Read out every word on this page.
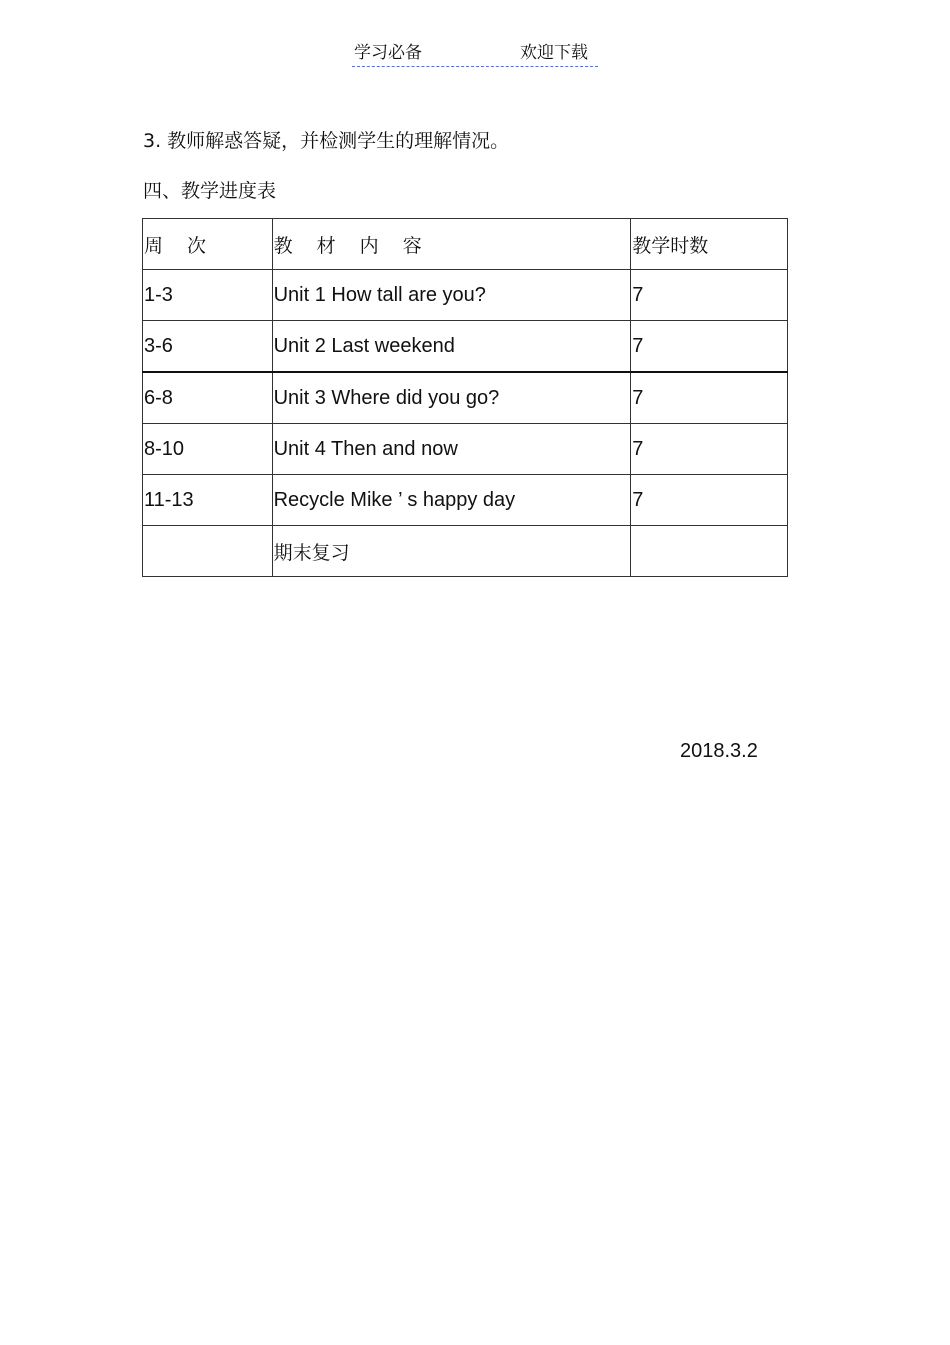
学习必备	欢迎下载
3. 教师解惑答疑，并检测学生的理解情况。
四、教学进度表
周 次	教 材 内 容	教学时数
1-3	Unit 1 How tall are you?	7
3-6	Unit 2 Last weekend	7
6-8	Unit 3 Where did you go?	7
8-10	Unit 4 Then and now	7
11-13	Recycle Mike ’ s happy day	7
	期末复习	
2018.3.2
